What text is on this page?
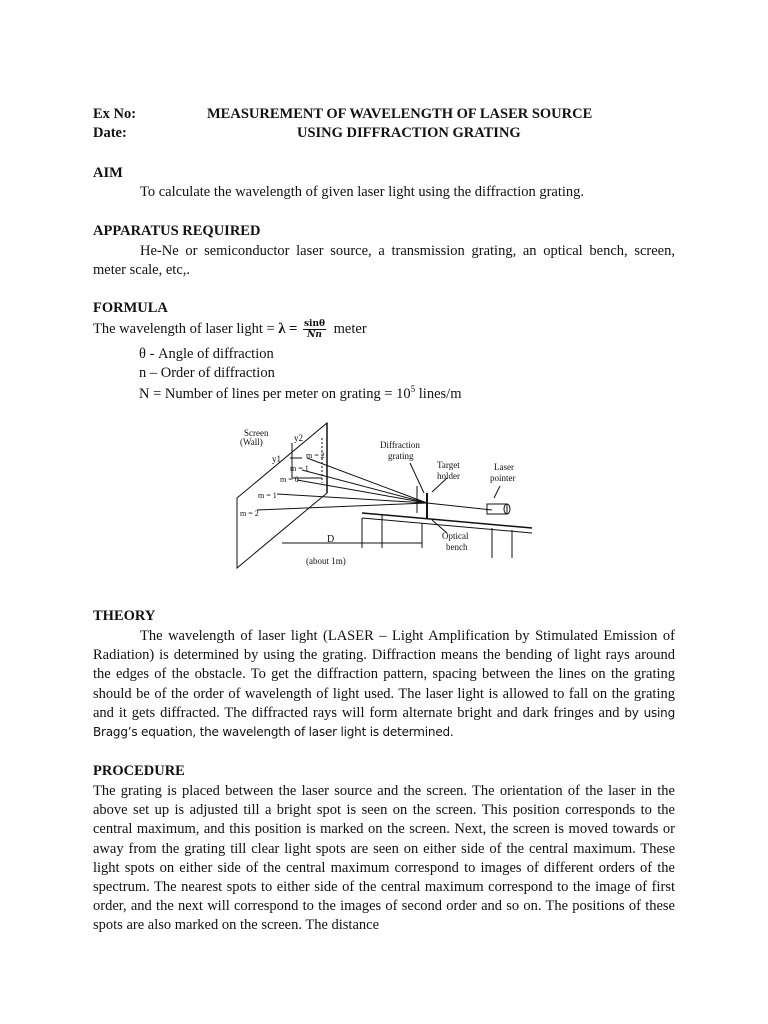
Ex No:
Date:
MEASUREMENT OF WAVELENGTH OF LASER SOURCE
USING DIFFRACTION GRATING
AIM
To calculate the wavelength of given laser light using the diffraction grating.
APPARATUS REQUIRED
He-Ne or semiconductor laser source, a transmission grating, an optical bench, screen, meter scale, etc,.
FORMULA
The wavelength of laser light = $\lambda = \frac{\sin\theta}{Nn}$ meter
θ - Angle of diffraction
n – Order of diffraction
N = Number of lines per meter on grating = $10^5$ lines/m
Screen
(Wall)	y2
y1	m = 2
m = 1
m = 0
m = 1
m = 2
Diffraction
grating
Target
holder
Laser
pointer
Optical
bench
D
(about 1m)
THEORY
The wavelength of laser light (LASER – Light Amplification by Stimulated Emission of Radiation) is determined by using the grating. Diffraction means the bending of light rays around the edges of the obstacle. To get the diffraction pattern, spacing between the lines on the grating should be of the order of wavelength of light used. The laser light is allowed to fall on the grating and it gets diffracted. The diffracted rays will form alternate bright and dark fringes and by using Bragg’s equation, the wavelength of laser light is determined.
PROCEDURE
The grating is placed between the laser source and the screen. The orientation of the laser in the above set up is adjusted till a bright spot is seen on the screen. This position corresponds to the central maximum, and this position is marked on the screen. Next, the screen is moved towards or away from the grating till clear light spots are seen on either side of the central maximum. These light spots on either side of the central maximum correspond to images of different orders of the spectrum. The nearest spots to either side of the central maximum correspond to the image of first order, and the next will correspond to the images of second order and so on. The positions of these spots are also marked on the screen. The distance
